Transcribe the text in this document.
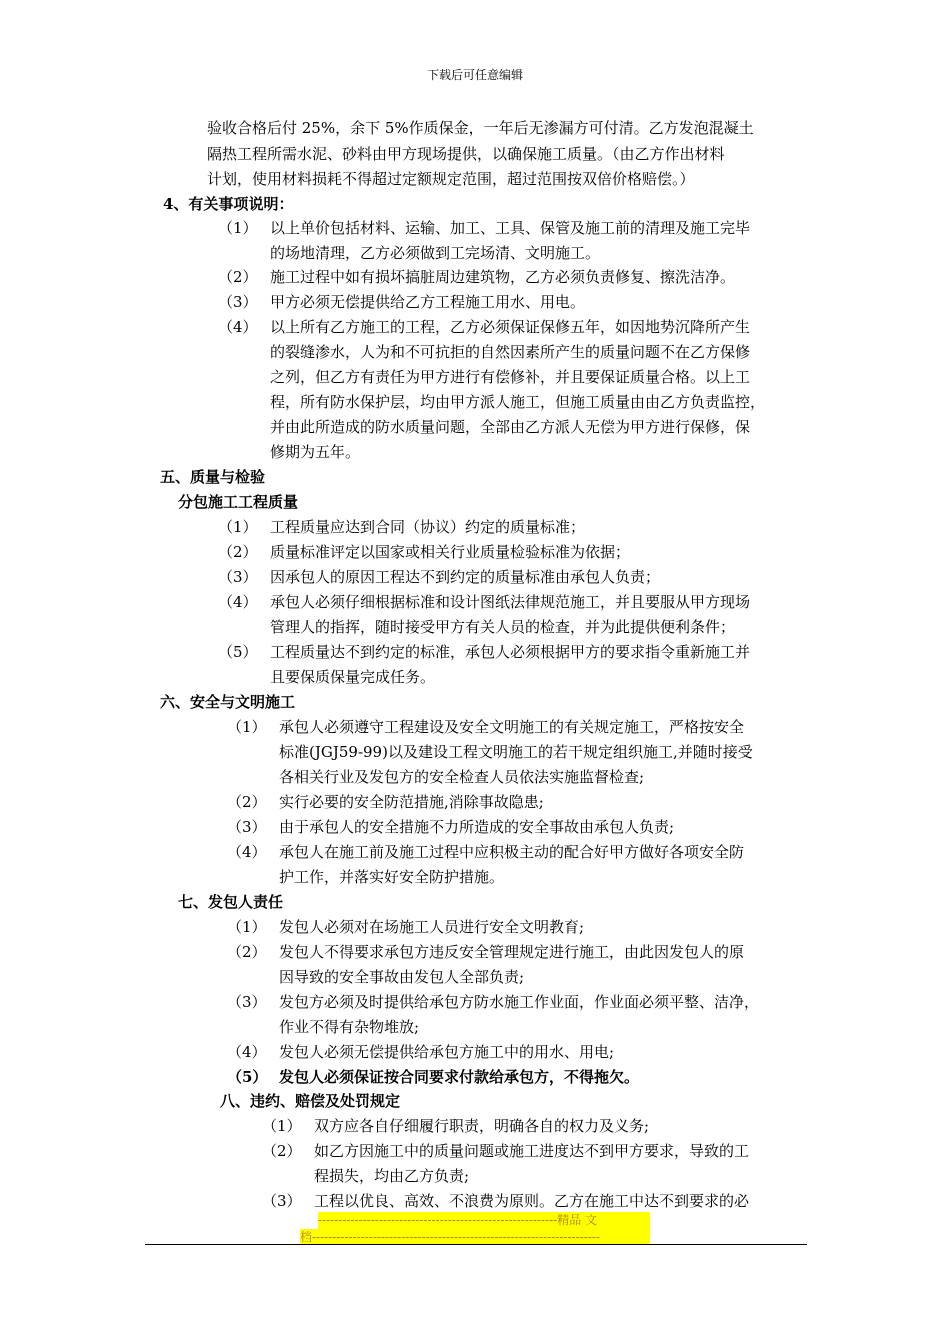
下载后可任意编辑
验收合格后付 25%，余下 5%作质保金，一年后无渗漏方可付清。乙方发泡混凝土
隔热工程所需水泥、砂料由甲方现场提供，以确保施工质量。（由乙方作出材料
计划，使用材料损耗不得超过定额规定范围，超过范围按双倍价格赔偿。）
4、有关事项说明：
（1） 以上单价包括材料、运输、加工、工具、保管及施工前的清理及施工完毕
的场地清理，乙方必须做到工完场清、文明施工。
（2） 施工过程中如有损坏搞脏周边建筑物，乙方必须负责修复、擦洗洁净。
（3） 甲方必须无偿提供给乙方工程施工用水、用电。
（4） 以上所有乙方施工的工程，乙方必须保证保修五年，如因地势沉降所产生
的裂缝渗水，人为和不可抗拒的自然因素所产生的质量问题不在乙方保修
之列，但乙方有责任为甲方进行有偿修补，并且要保证质量合格。以上工
程，所有防水保护层，均由甲方派人施工，但施工质量由由乙方负责监控，
并由此所造成的防水质量问题，全部由乙方派人无偿为甲方进行保修，保
修期为五年。
五、质量与检验
分包施工工程质量
（1） 工程质量应达到合同（协议）约定的质量标准；
（2） 质量标准评定以国家或相关行业质量检验标准为依据；
（3） 因承包人的原因工程达不到约定的质量标准由承包人负责；
（4） 承包人必须仔细根据标准和设计图纸法律规范施工，并且要服从甲方现场
管理人的指挥，随时接受甲方有关人员的检查，并为此提供便利条件；
（5） 工程质量达不到约定的标准，承包人必须根据甲方的要求指令重新施工并
且要保质保量完成任务。
六、安全与文明施工
（1） 承包人必须遵守工程建设及安全文明施工的有关规定施工，严格按安全
标准(JGJ59-99)以及建设工程文明施工的若干规定组织施工,并随时接受
各相关行业及发包方的安全检查人员依法实施监督检查;
（2） 实行必要的安全防范措施,消除事故隐患;
（3） 由于承包人的安全措施不力所造成的安全事故由承包人负责;
（4） 承包人在施工前及施工过程中应积极主动的配合好甲方做好各项安全防
护工作，并落实好安全防护措施。
七、发包人责任
（1） 发包人必须对在场施工人员进行安全文明教育;
（2） 发包人不得要求承包方违反安全管理规定进行施工，由此因发包人的原
因导致的安全事故由发包人全部负责;
（3） 发包方必须及时提供给承包方防水施工作业面，作业面必须平整、洁净，
作业不得有杂物堆放;
（4） 发包人必须无偿提供给承包方施工中的用水、用电;
（5） 发包人必须保证按合同要求付款给承包方，不得拖欠。
八、违约、赔偿及处罚规定
（1） 双方应各自仔细履行职责，明确各自的权力及义务;
（2） 如乙方因施工中的质量问题或施工进度达不到甲方要求，导致的工
程损失，均由乙方负责;
（3） 工程以优良、高效、不浪费为原则。乙方在施工中达不到要求的必
-----------------------------------------------------------精品 文
档-----------------------------------------------------------------------
